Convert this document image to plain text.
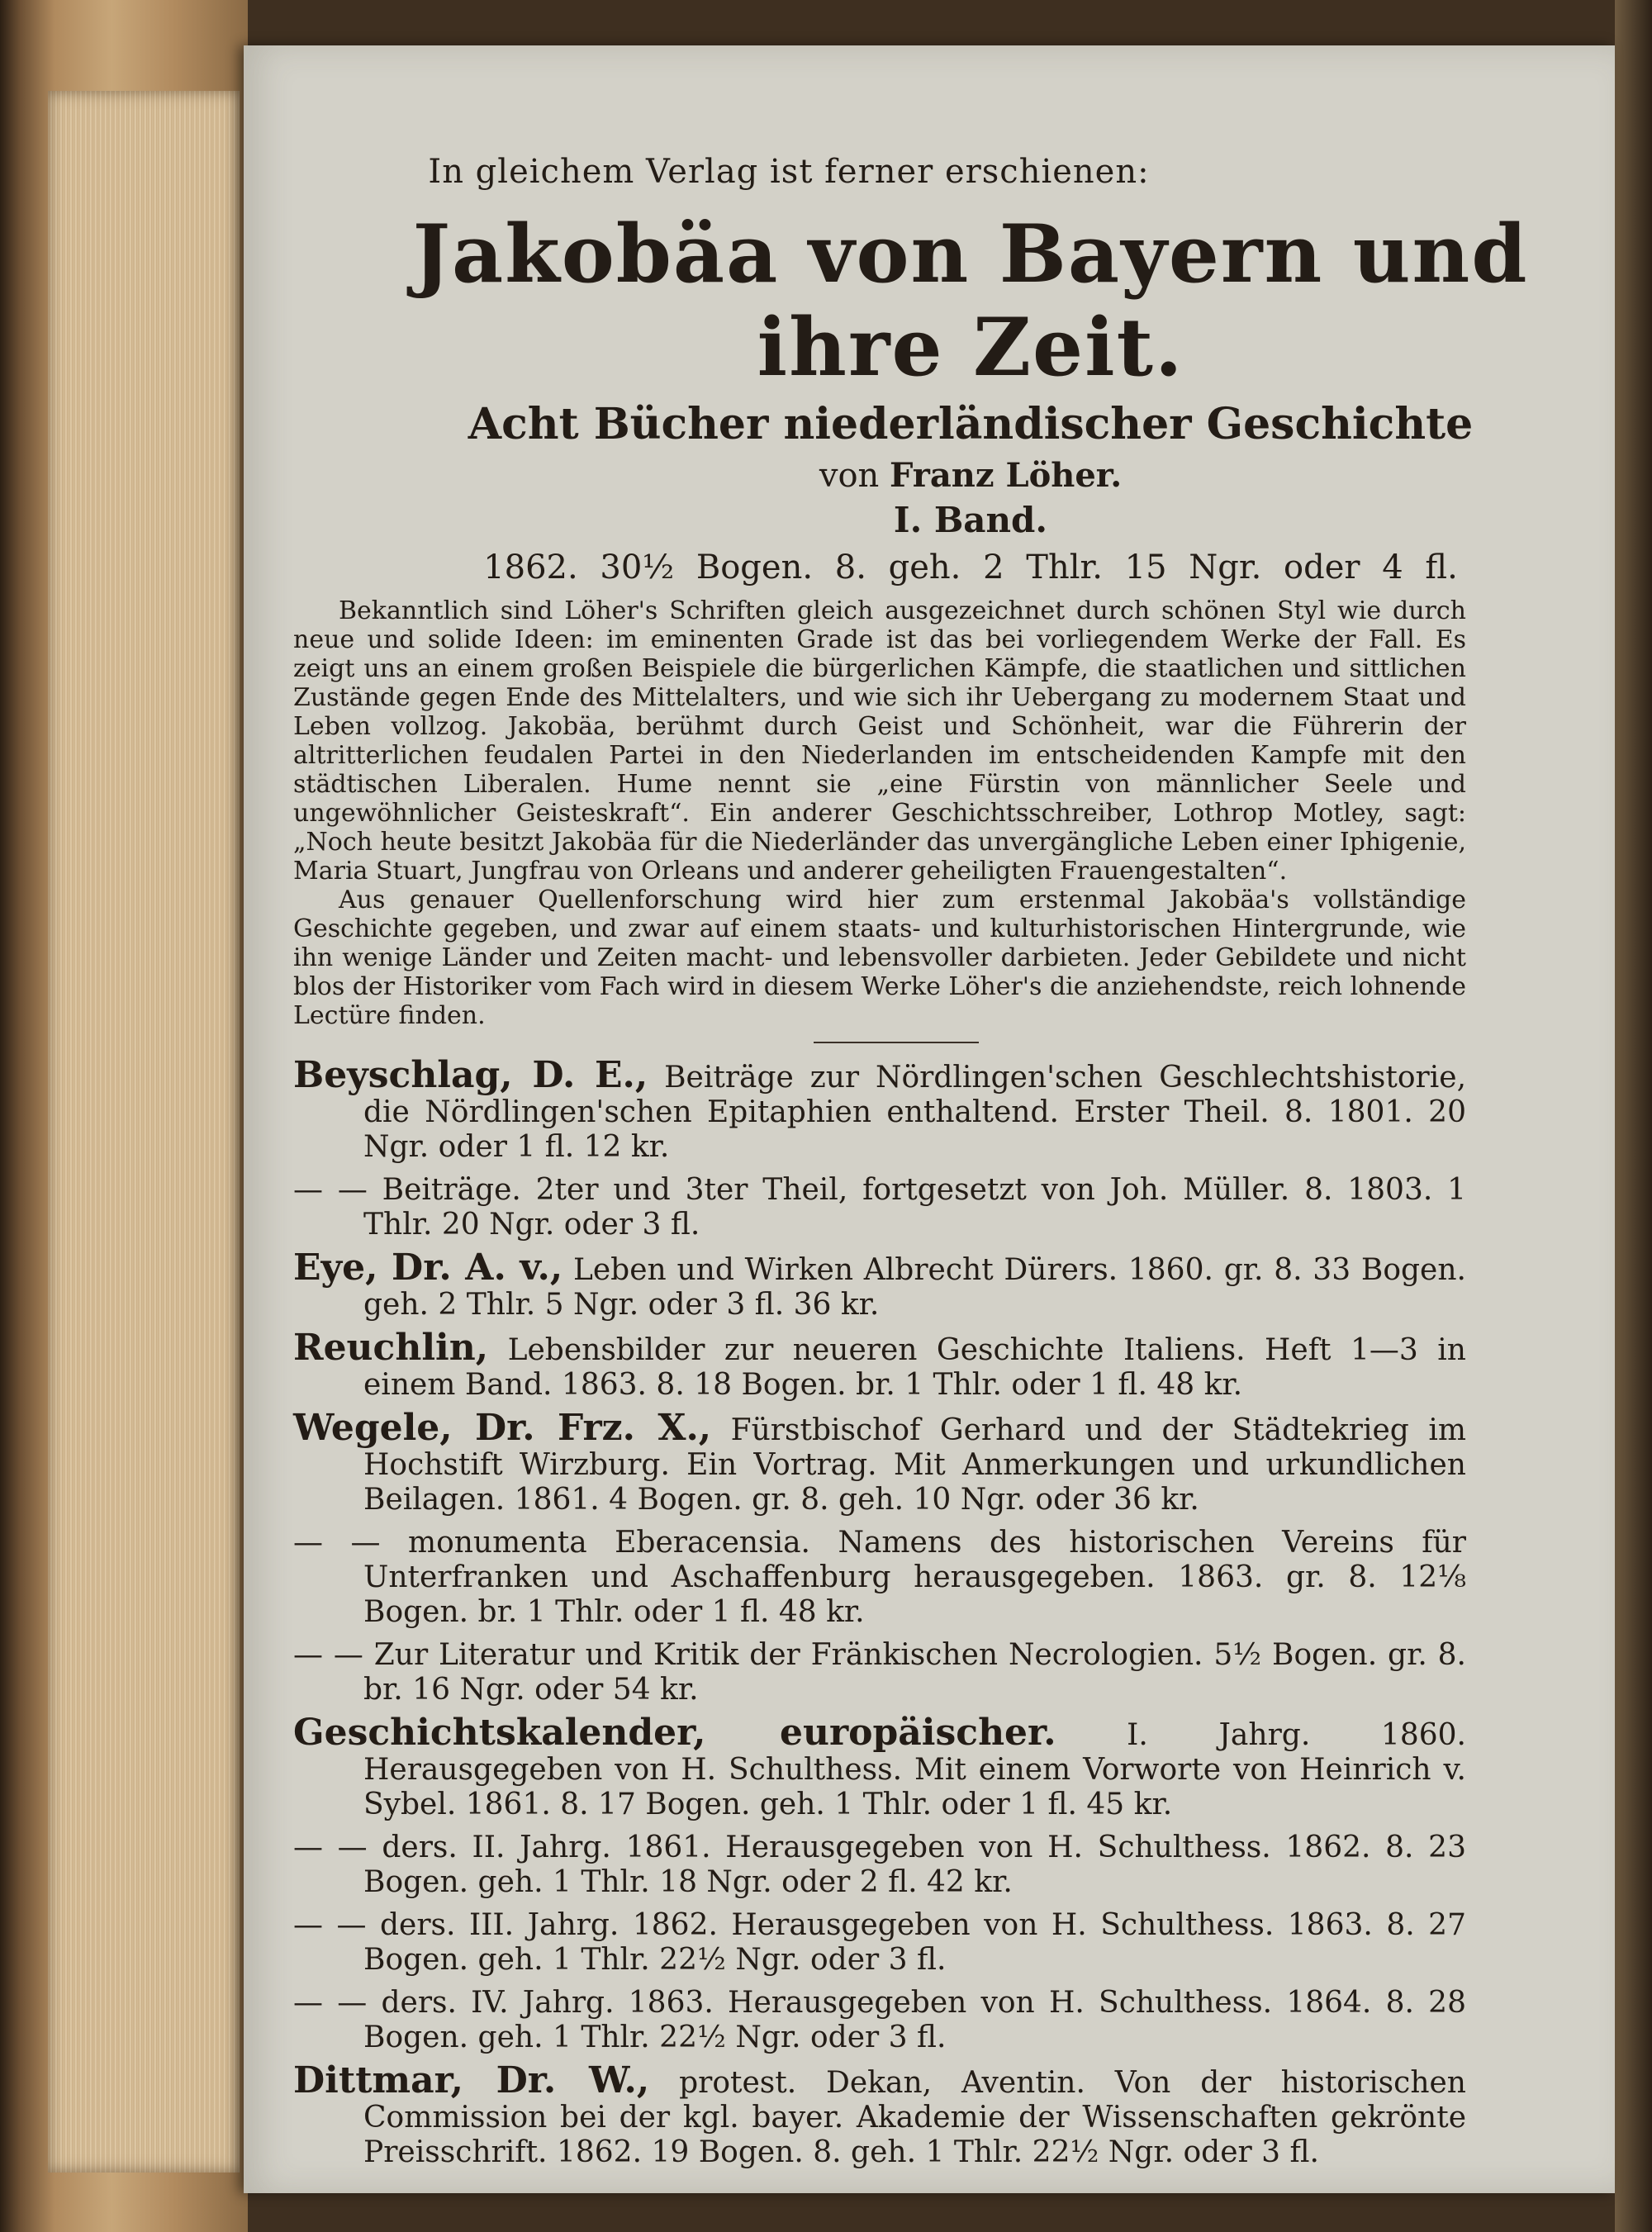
In gleichem Verlag ist ferner erschienen:
Jakobäa von Bayern und ihre Zeit.
Acht Bücher niederländischer Geschichte
von Franz Löher.
I. Band.
1862. 30½ Bogen. 8. geh. 2 Thlr. 15 Ngr. oder 4 fl.

Bekanntlich sind Löher's Schriften gleich ausgezeichnet durch schönen Styl wie durch neue und solide Ideen: im eminenten Grade ist das bei vorliegendem Werke der Fall. Es zeigt uns an einem großen Beispiele die bürgerlichen Kämpfe, die staatlichen und sittlichen Zustände gegen Ende des Mittelalters, und wie sich ihr Uebergang zu modernem Staat und Leben vollzog. Jakobäa, berühmt durch Geist und Schönheit, war die Führerin der altritterlichen feudalen Partei in den Niederlanden im entscheidenden Kampfe mit den städtischen Liberalen. Hume nennt sie „eine Fürstin von männlicher Seele und ungewöhnlicher Geisteskraft“. Ein anderer Geschichtsschreiber, Lothrop Motley, sagt: „Noch heute besitzt Jakobäa für die Niederländer das unvergängliche Leben einer Iphigenie, Maria Stuart, Jungfrau von Orleans und anderer geheiligten Frauengestalten“.

Aus genauer Quellenforschung wird hier zum erstenmal Jakobäa's vollständige Geschichte gegeben, und zwar auf einem staats- und kulturhistorischen Hintergrunde, wie ihn wenige Länder und Zeiten macht- und lebensvoller darbieten. Jeder Gebildete und nicht blos der Historiker vom Fach wird in diesem Werke Löher's die anziehendste, reich lohnende Lectüre finden.

Beyschlag, D. E., Beiträge zur Nördlingen'schen Geschlechtshistorie, die Nördlingen'schen Epitaphien enthaltend. Erster Theil. 8. 1801. 20 Ngr. oder 1 fl. 12 kr.
— — Beiträge. 2ter und 3ter Theil, fortgesetzt von Joh. Müller. 8. 1803. 1 Thlr. 20 Ngr. oder 3 fl.
Eye, Dr. A. v., Leben und Wirken Albrecht Dürers. 1860. gr. 8. 33 Bogen. geh. 2 Thlr. 5 Ngr. oder 3 fl. 36 kr.
Reuchlin, Lebensbilder zur neueren Geschichte Italiens. Heft 1—3 in einem Band. 1863. 8. 18 Bogen. br. 1 Thlr. oder 1 fl. 48 kr.
Wegele, Dr. Frz. X., Fürstbischof Gerhard und der Städtekrieg im Hochstift Wirzburg. Ein Vortrag. Mit Anmerkungen und urkundlichen Beilagen. 1861. 4 Bogen. gr. 8. geh. 10 Ngr. oder 36 kr.
— — monumenta Eberacensia. Namens des historischen Vereins für Unterfranken und Aschaffenburg herausgegeben. 1863. gr. 8. 12⅛ Bogen. br. 1 Thlr. oder 1 fl. 48 kr.
— — Zur Literatur und Kritik der Fränkischen Necrologien. 5½ Bogen. gr. 8. br. 16 Ngr. oder 54 kr.
Geschichtskalender, europäischer. I. Jahrg. 1860. Herausgegeben von H. Schulthess. Mit einem Vorworte von Heinrich v. Sybel. 1861. 8. 17 Bogen. geh. 1 Thlr. oder 1 fl. 45 kr.
— — ders. II. Jahrg. 1861. Herausgegeben von H. Schulthess. 1862. 8. 23 Bogen. geh. 1 Thlr. 18 Ngr. oder 2 fl. 42 kr.
— — ders. III. Jahrg. 1862. Herausgegeben von H. Schulthess. 1863. 8. 27 Bogen. geh. 1 Thlr. 22½ Ngr. oder 3 fl.
— — ders. IV. Jahrg. 1863. Herausgegeben von H. Schulthess. 1864. 8. 28 Bogen. geh. 1 Thlr. 22½ Ngr. oder 3 fl.
Dittmar, Dr. W., protest. Dekan, Aventin. Von der historischen Commission bei der kgl. bayer. Akademie der Wissenschaften gekrönte Preisschrift. 1862. 19 Bogen. 8. geh. 1 Thlr. 22½ Ngr. oder 3 fl.
